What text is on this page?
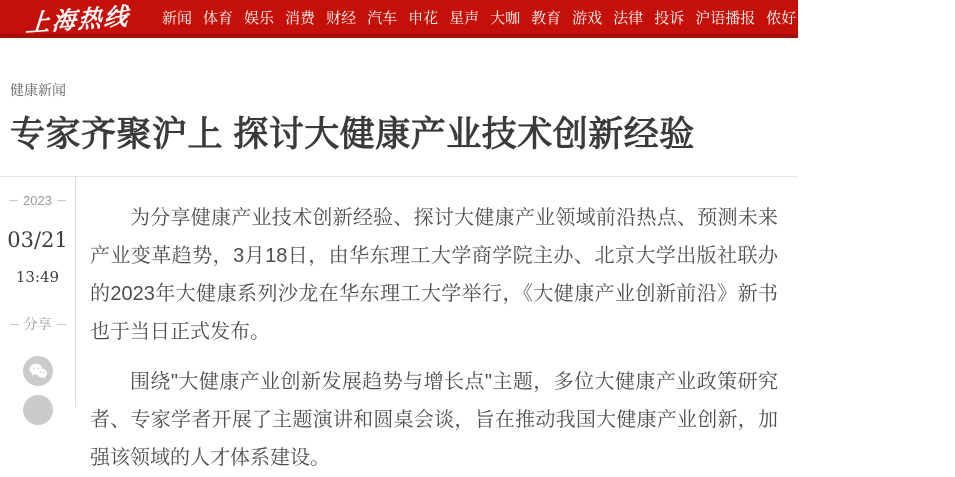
上海热线 新闻 体育 娱乐 消费 财经 汽车 申花 星声 大咖 教育 游戏 法律 投诉 沪语播报 侬好 街头WHO侃 魔都100
健康新闻
专家齐聚沪上 探讨大健康产业技术创新经验
2023
03/21
13:49
分享

为分享健康产业技术创新经验、探讨大健康产业领域前沿热点、预测未来产业变革趋势，3月18日，由华东理工大学商学院主办、北京大学出版社联办的2023年大健康系列沙龙在华东理工大学举行，《大健康产业创新前沿》新书也于当日正式发布。

围绕"大健康产业创新发展趋势与增长点"主题，多位大健康产业政策研究者、专家学者开展了主题演讲和圆桌会谈，旨在推动我国大健康产业创新，加强该领域的人才体系建设。
